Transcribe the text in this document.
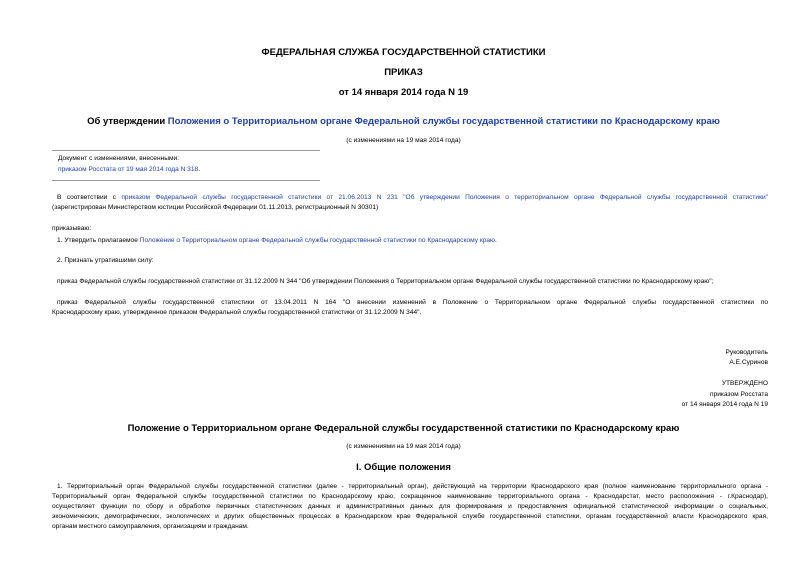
ФЕДЕРАЛЬНАЯ СЛУЖБА ГОСУДАРСТВЕННОЙ СТАТИСТИКИ
ПРИКАЗ
от 14 января 2014 года N 19
Об утверждении Положения о Территориальном органе Федеральной службы государственной статистики по Краснодарскому краю
(с изменениями на 19 мая 2014 года)
Документ с изменениями, внесенными:
приказом Росстата от 19 мая 2014 года N 318.
В соответствии с приказом Федеральной службы государственной статистики от 21.06.2013 N 231 "Об утверждении Положения о территориальном органе Федеральной службы государственной статистики"
(зарегистрирован Министерством юстиции Российской Федерации 01.11.2013, регистрационный N 30301)
приказываю:
1. Утвердить прилагаемое Положение о Территориальном органе Федеральной службы государственной статистики по Краснодарскому краю.
2. Признать утратившими силу:
приказ Федеральной службы государственной статистики от 31.12.2009 N 344 "Об утверждении Положения о Территориальном органе Федеральной службы государственной статистики по Краснодарскому краю";
приказ Федеральной службы государственной статистики от 13.04.2011 N 164 "О внесении изменений в Положение о Территориальном органе Федеральной службы государственной статистики по
Краснодарскому краю, утвержденное приказом Федеральной службы государственной статистики от 31.12.2009 N 344".
Руководитель
А.Е.Суринов
УТВЕРЖДЕНО
приказом Росстата
от 14 января 2014 года N 19
Положение о Территориальном органе Федеральной службы государственной статистики по Краснодарскому краю
(с изменениями на 19 мая 2014 года)
I. Общие положения
1. Территориальный орган Федеральной службы государственной статистики (далее - территориальный орган), действующий на территории Краснодарского края (полное наименование территориального органа -
Территориальный орган Федеральной службы государственной статистики по Краснодарскому краю, сокращенное наименование территориального органа - Краснодарстат, место расположения - г.Краснодар),
осуществляет функции по сбору и обработке первичных статистических данных и административных данных для формирования и предоставления официальной статистической информации о социальных,
экономических, демографических, экологических и других общественных процессах в Краснодарском крае Федеральной службе государственной статистики, органам государственной власти Краснодарского края,
органам местного самоуправления, организациям и гражданам.
